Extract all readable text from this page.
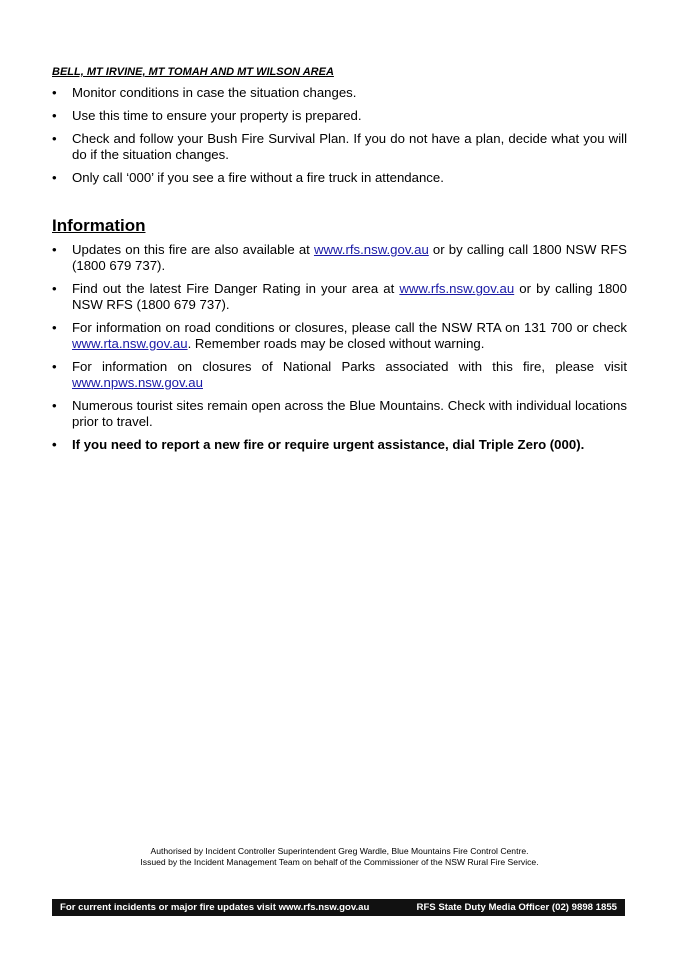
BELL, MT IRVINE, MT TOMAH AND MT WILSON AREA
•	Monitor conditions in case the situation changes.
•	Use this time to ensure your property is prepared.
•	Check and follow your Bush Fire Survival Plan. If you do not have a plan, decide what you will do if the situation changes.
•	Only call ‘000’ if you see a fire without a fire truck in attendance.
Information
•	Updates on this fire are also available at www.rfs.nsw.gov.au or by calling call 1800 NSW RFS (1800 679 737).
•	Find out the latest Fire Danger Rating in your area at www.rfs.nsw.gov.au or by calling 1800 NSW RFS (1800 679 737).
•	For information on road conditions or closures, please call the NSW RTA on 131 700 or check www.rta.nsw.gov.au. Remember roads may be closed without warning.
•	For information on closures of National Parks associated with this fire, please visit www.npws.nsw.gov.au
•	Numerous tourist sites remain open across the Blue Mountains. Check with individual locations prior to travel.
•	If you need to report a new fire or require urgent assistance, dial Triple Zero (000).
Authorised by Incident Controller Superintendent Greg Wardle, Blue Mountains Fire Control Centre.
Issued by the Incident Management Team on behalf of the Commissioner of the NSW Rural Fire Service.
For current incidents or major fire updates visit www.rfs.nsw.gov.au	RFS State Duty Media Officer (02) 9898 1855
